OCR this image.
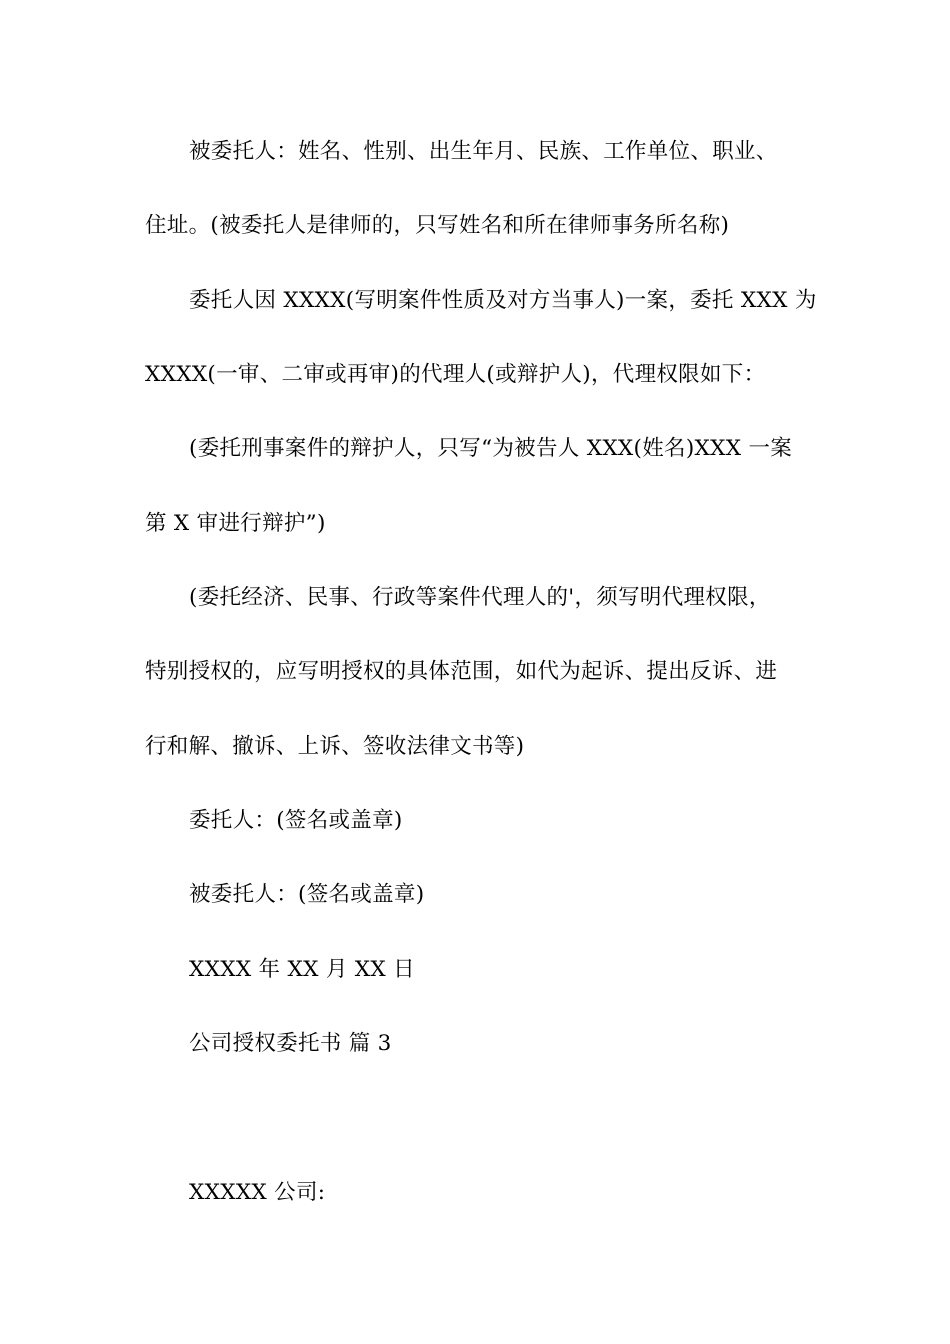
被委托人：姓名、性别、出生年月、民族、工作单位、职业、
住址。(被委托人是律师的，只写姓名和所在律师事务所名称)
委托人因 XXXX(写明案件性质及对方当事人)一案，委托 XXX 为
XXXX(一审、二审或再审)的代理人(或辩护人)，代理权限如下：
(委托刑事案件的辩护人，只写“为被告人 XXX(姓名)XXX 一案
第 X 审进行辩护”)
(委托经济、民事、行政等案件代理人的'，须写明代理权限，
特别授权的，应写明授权的具体范围，如代为起诉、提出反诉、进
行和解、撤诉、上诉、签收法律文书等)
委托人：(签名或盖章)
被委托人：(签名或盖章)
XXXX 年 XX 月 XX 日
公司授权委托书 篇 3
XXXXX 公司:
